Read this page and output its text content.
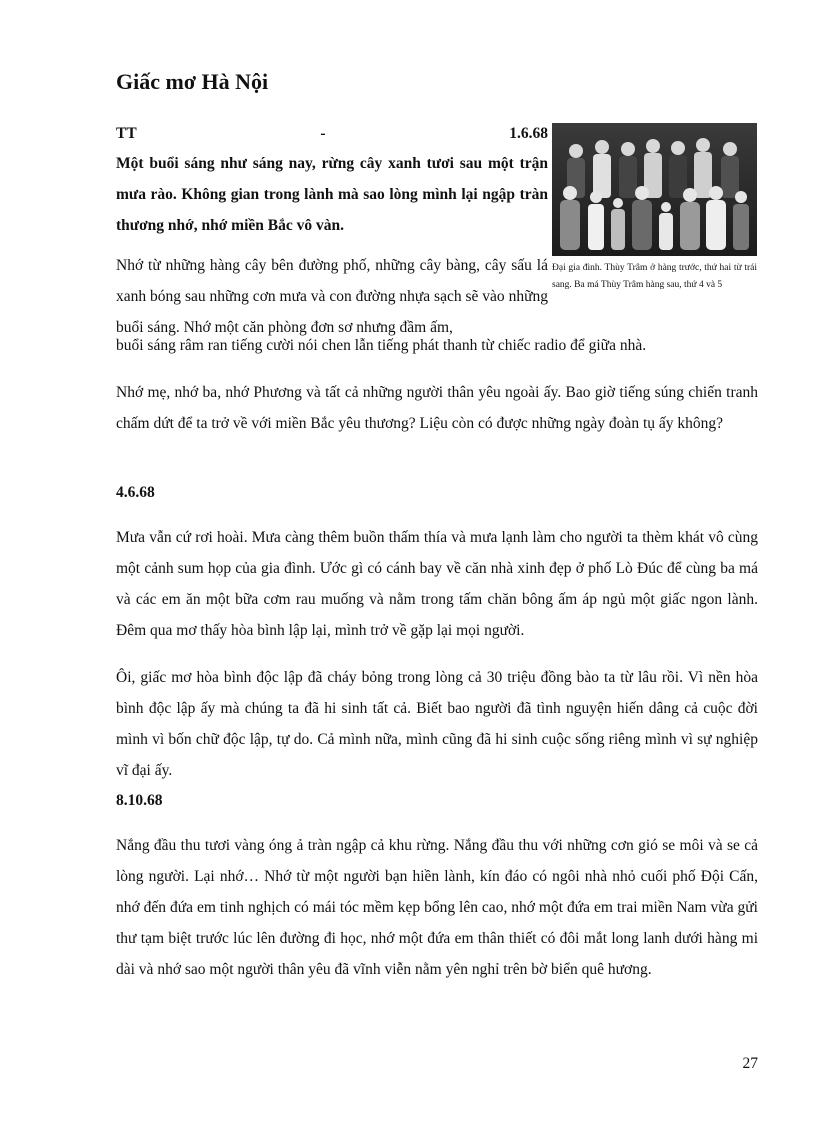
Giấc mơ Hà Nội
TT	-	1.6.68
Một buổi sáng như sáng nay, rừng cây xanh tươi sau một trận mưa rào. Không gian trong lành mà sao lòng mình lại ngập tràn thương nhớ, nhớ miền Bắc vô vàn.
Đại gia đình. Thùy Trâm ở hàng trước, thứ hai từ trái sang. Ba má Thùy Trâm hàng sau, thứ 4 và 5
Nhớ từ những hàng cây bên đường phố, những cây bàng, cây sấu lá xanh bóng sau những cơn mưa và con đường nhựa sạch sẽ vào những buổi sáng. Nhớ một căn phòng đơn sơ nhưng đầm ấm,

buổi sáng râm ran tiếng cười nói chen lẫn tiếng phát thanh từ chiếc radio để giữa nhà.

Nhớ mẹ, nhớ ba, nhớ Phương và tất cả những người thân yêu ngoài ấy. Bao giờ tiếng súng chiến tranh chấm dứt để ta trở về với miền Bắc yêu thương? Liệu còn có được những ngày đoàn tụ ấy không?

4.6.68

Mưa vẫn cứ rơi hoài. Mưa càng thêm buồn thấm thía và mưa lạnh làm cho người ta thèm khát vô cùng một cảnh sum họp của gia đình. Ước gì có cánh bay về căn nhà xinh đẹp ở phố Lò Đúc để cùng ba má và các em ăn một bữa cơm rau muống và nằm trong tấm chăn bông ấm áp ngủ một giấc ngon lành. Đêm qua mơ thấy hòa bình lập lại, mình trở về gặp lại mọi người.

Ôi, giấc mơ hòa bình độc lập đã cháy bỏng trong lòng cả 30 triệu đồng bào ta từ lâu rồi. Vì nền hòa bình độc lập ấy mà chúng ta đã hi sinh tất cả. Biết bao người đã tình nguyện hiến dâng cả cuộc đời mình vì bốn chữ độc lập, tự do. Cả mình nữa, mình cũng đã hi sinh cuộc sống riêng mình vì sự nghiệp vĩ đại ấy.

8.10.68

Nắng đầu thu tươi vàng óng ả tràn ngập cả khu rừng. Nắng đầu thu với những cơn gió se môi và se cả lòng người. Lại nhớ… Nhớ từ một người bạn hiền lành, kín đáo có ngôi nhà nhỏ cuối phố Đội Cấn, nhớ đến đứa em tinh nghịch có mái tóc mềm kẹp bổng lên cao, nhớ một đứa em trai miền Nam vừa gửi thư tạm biệt trước lúc lên đường đi học, nhớ một đứa em thân thiết có đôi mắt long lanh dưới hàng mi dài và nhớ sao một người thân yêu đã vĩnh viễn nằm yên nghỉ trên bờ biển quê hương.

27
